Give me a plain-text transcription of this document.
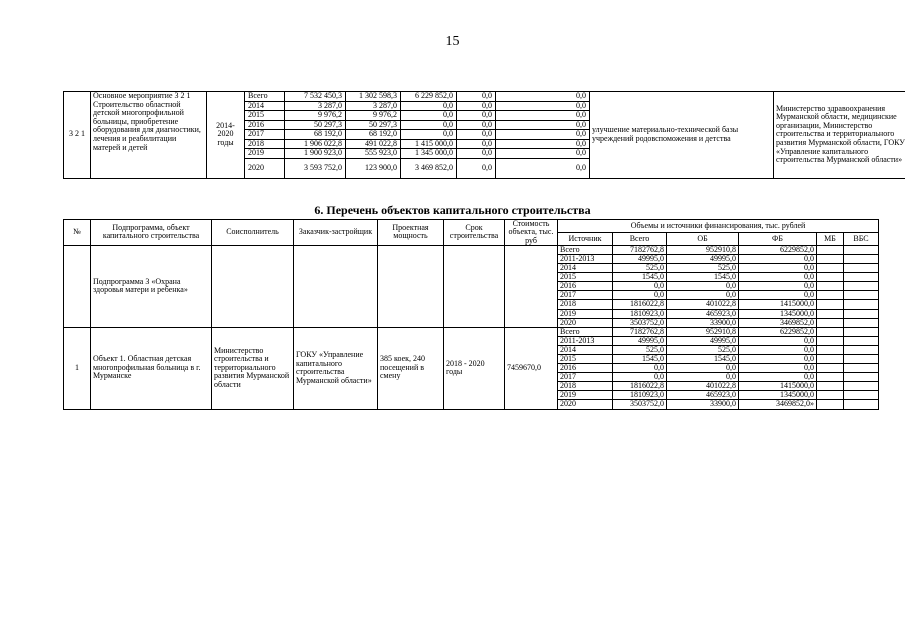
15
3 2 1	Основное мероприятие 3 2 1 Строительство областной детской многопрофильной больницы, приобретение оборудования для диагностики, лечения и реабилитации матерей и детей	2014-2020 годы	Всего	7 532 450,3	1 302 598,3	6 229 852,0	0,0	0,0	улучшение материально-технической базы учреждений родовспоможения и детства	Министерство здравоохранения Мурманской области, медицинские организации, Министерство строительства и территориального развития Мурманской области, ГОКУ «Управление капитального строительства Мурманской области»
			2014	3 287,0	3 287,0	0,0	0,0	0,0		
			2015	9 976,2	9 976,2	0,0	0,0	0,0		
			2016	50 297,3	50 297,3	0,0	0,0	0,0		
			2017	68 192,0	68 192,0	0,0	0,0	0,0		
			2018	1 906 022,8	491 022,8	1 415 000,0	0,0	0,0		
			2019	1 900 923,0	555 923,0	1 345 000,0	0,0	0,0		
			2020	3 593 752,0	123 900,0	3 469 852,0	0,0	0,0		
6. Перечень объектов капитального строительства
№	Подпрограмма, объект капитального строительства	Соисполнитель	Заказчик-застройщик	Проектная мощность	Срок строительства	Стоимость объекта, тыс. руб	Объемы и источники финансирования, тыс. рублей					
							Источник	Всего	ОБ	ФБ	МБ	ВБС
	Подпрограмма 3 «Охрана здоровья матери и ребенка»						Всего	7182762,8	952910,8	6229852,0		
							2011-2013	49995,0	49995,0	0,0		
							2014	525,0	525,0	0,0		
							2015	1545,0	1545,0	0,0		
							2016	0,0	0,0	0,0		
							2017	0,0	0,0	0,0		
							2018	1816022,8	401022,8	1415000,0		
							2019	1810923,0	465923,0	1345000,0		
							2020	3503752,0	33900,0	3469852,0		
1	Объект 1. Областная детская многопрофильная больница в г. Мурманске	Министерство строительства и территориального развития Мурманской области	ГОКУ «Управление капитального строительства Мурманской области»	385 коек, 240 посещений в смену	2018 - 2020 годы	7459670,0	Всего	7182762,8	952910,8	6229852,0		
							2011-2013	49995,0	49995,0	0,0		
							2014	525,0	525,0	0,0		
							2015	1545,0	1545,0	0,0		
							2016	0,0	0,0	0,0		
							2017	0,0	0,0	0,0		
							2018	1816022,8	401022,8	1415000,0		
							2019	1810923,0	465923,0	1345000,0		
							2020	3503752,0	33900,0	3469852,0»		
